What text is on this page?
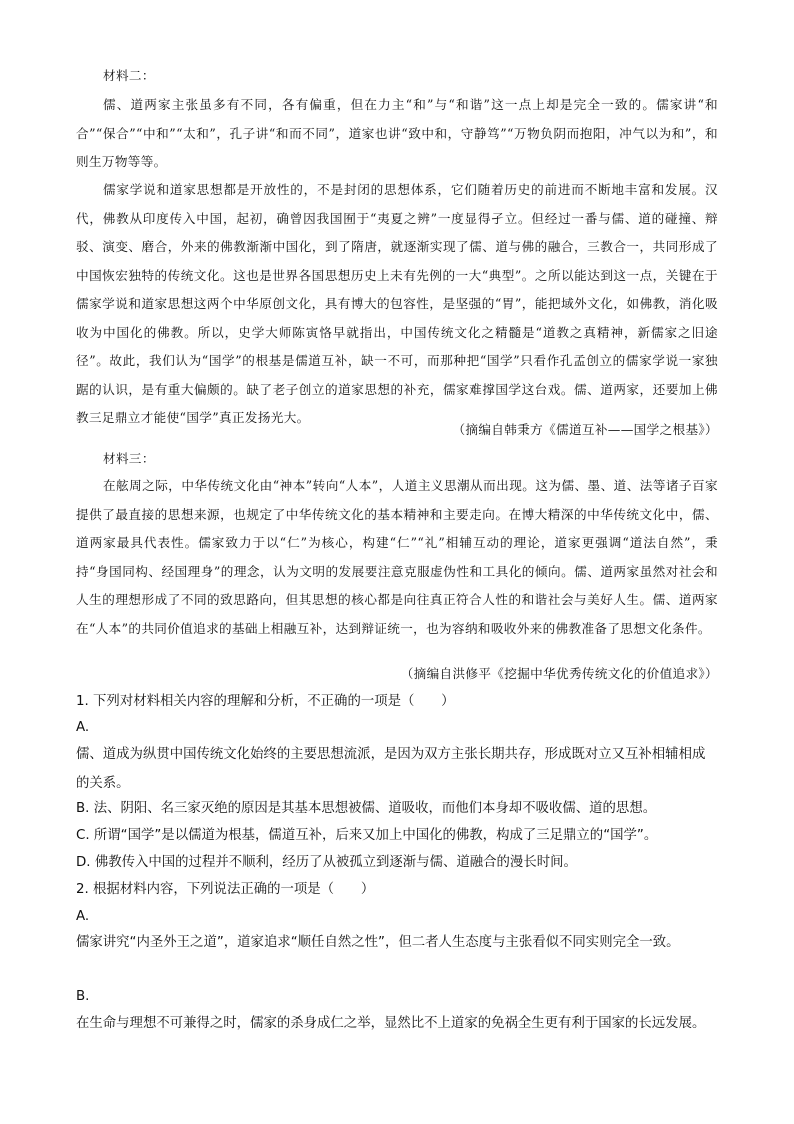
材料二：

儒、道两家主张虽多有不同，各有偏重，但在力主“和”与“和谐”这一点上却是完全一致的。儒家讲“和合”“保合”“中和”“太和”，孔子讲“和而不同”，道家也讲“致中和，守静笃”“万物负阴而抱阳，冲气以为和”，和则生万物等等。

儒家学说和道家思想都是开放性的，不是封闭的思想体系，它们随着历史的前进而不断地丰富和发展。汉代，佛教从印度传入中国，起初，确曾因我国囿于“夷夏之辨”一度显得孑立。但经过一番与儒、道的碰撞、辩驳、演变、磨合，外来的佛教渐渐中国化，到了隋唐，就逐渐实现了儒、道与佛的融合，三教合一，共同形成了中国恢宏独特的传统文化。这也是世界各国思想历史上未有先例的一大“典型”。之所以能达到这一点，关键在于儒家学说和道家思想这两个中华原创文化，具有博大的包容性，是坚强的“胃”，能把域外文化，如佛教，消化吸收为中国化的佛教。所以，史学大师陈寅恪早就指出，中国传统文化之精髓是“道教之真精神，新儒家之旧途径”。故此，我们认为“国学”的根基是儒道互补，缺一不可，而那种把“国学”只看作孔孟创立的儒家学说一家独踞的认识，是有重大偏颇的。缺了老子创立的道家思想的补充，儒家难撑国学这台戏。儒、道两家，还要加上佛教三足鼎立才能使“国学”真正发扬光大。

（摘编自韩秉方《儒道互补——国学之根基》）

材料三：

在舷周之际，中华传统文化由“神本”转向“人本”，人道主义思潮从而出现。这为儒、墨、道、法等诸子百家提供了最直接的思想来源，也规定了中华传统文化的基本精神和主要走向。在博大精深的中华传统文化中，儒、道两家最具代表性。儒家致力于以“仁”为核心，构建“仁”“礼”相辅互动的理论，道家更强调“道法自然”，秉持“身国同构、经国理身”的理念，认为文明的发展要注意克服虚伪性和工具化的倾向。儒、道两家虽然对社会和人生的理想形成了不同的致思路向，但其思想的核心都是向往真正符合人性的和谐社会与美好人生。儒、道两家在“人本”的共同价值追求的基础上相融互补，达到辩证统一，也为容纳和吸收外来的佛教准备了思想文化条件。

（摘编自洪修平《挖掘中华优秀传统文化的价值追求》）

1. 下列对材料相关内容的理解和分析，不正确的一项是（　　）

A.

儒、道成为纵贯中国传统文化始终的主要思想流派，是因为双方主张长期共存，形成既对立又互补相辅相成的关系。

B. 法、阴阳、名三家灭绝的原因是其基本思想被儒、道吸收，而他们本身却不吸收儒、道的思想。

C. 所谓“国学”是以儒道为根基，儒道互补，后来又加上中国化的佛教，构成了三足鼎立的“国学”。

D. 佛教传入中国的过程并不顺利，经历了从被孤立到逐渐与儒、道融合的漫长时间。

2. 根据材料内容，下列说法正确的一项是（　　）

A.

儒家讲究“内圣外王之道”，道家追求“顺任自然之性”，但二者人生态度与主张看似不同实则完全一致。

B.

在生命与理想不可兼得之时，儒家的杀身成仁之举，显然比不上道家的免祸全生更有利于国家的长远发展。
